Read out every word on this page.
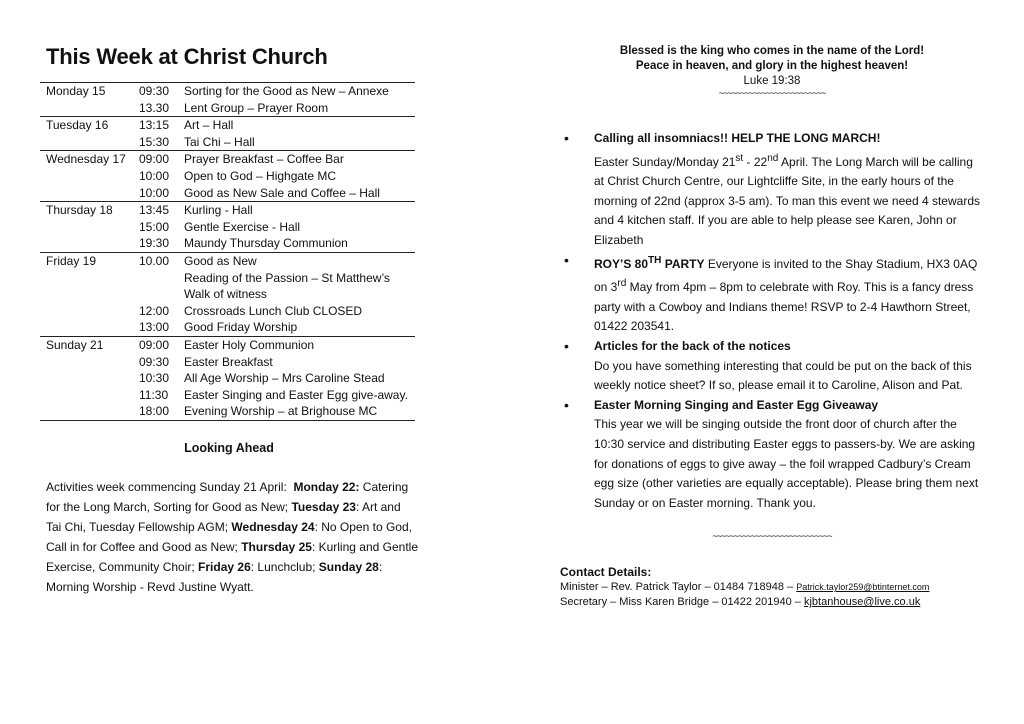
This Week at Christ Church
Monday 15	09:30	Sorting for the Good as New – Annexe
	13.30	Lent Group – Prayer Room
Tuesday 16	13:15	Art – Hall
	15:30	Tai Chi – Hall
Wednesday 17	09:00	Prayer Breakfast – Coffee Bar
	10:00	Open to God – Highgate MC
	10:00	Good as New Sale and Coffee – Hall
Thursday 18	13:45	Kurling - Hall
	15:00	Gentle Exercise - Hall
	19:30	Maundy Thursday Communion
Friday 19	10.00	Good as New
		Reading of the Passion – St Matthew’s
		Walk of witness
	12:00	Crossroads Lunch Club CLOSED
	13:00	Good Friday Worship
Sunday 21	09:00	Easter Holy Communion
	09:30	Easter Breakfast
	10:30	All Age Worship – Mrs Caroline Stead
	11:30	Easter Singing and Easter Egg give-away.
	18:00	Evening Worship – at Brighouse MC
Looking Ahead

Activities week commencing Sunday 21 April: Monday 22: Catering for the Long March, Sorting for Good as New; Tuesday 23: Art and Tai Chi, Tuesday Fellowship AGM; Wednesday 24: No Open to God, Call in for Coffee and Good as New; Thursday 25: Kurling and Gentle Exercise, Community Choir; Friday 26: Lunchclub; Sunday 28: Morning Worship - Revd Justine Wyatt.

Blessed is the king who comes in the name of the Lord!
Peace in heaven, and glory in the highest heaven!
Luke 19:38
~~~~~~~~~~~~~~~~~~~~~~~~~
• Calling all insomniacs!! HELP THE LONG MARCH!
Easter Sunday/Monday 21st - 22nd April. The Long March will be calling at Christ Church Centre, our Lightcliffe Site, in the early hours of the morning of 22nd (approx 3-5 am). To man this event we need 4 stewards and 4 kitchen staff. If you are able to help please see Karen, John or Elizabeth
• ROY’S 80TH PARTY Everyone is invited to the Shay Stadium, HX3 0AQ on 3rd May from 4pm – 8pm to celebrate with Roy. This is a fancy dress party with a Cowboy and Indians theme! RSVP to 2-4 Hawthorn Street, 01422 203541.
• Articles for the back of the notices
Do you have something interesting that could be put on the back of this weekly notice sheet? If so, please email it to Caroline, Alison and Pat.
• Easter Morning Singing and Easter Egg Giveaway
This year we will be singing outside the front door of church after the 10:30 service and distributing Easter eggs to passers-by. We are asking for donations of eggs to give away – the foil wrapped Cadbury’s Cream egg size (other varieties are equally acceptable). Please bring them next Sunday or on Easter morning. Thank you.
~~~~~~~~~~~~~~~~~~~~~~~~~~~~
Contact Details:
Minister – Rev. Patrick Taylor – 01484 718948 – Patrick.taylor259@btinternet.com
Secretary – Miss Karen Bridge – 01422 201940 – kjbtanhouse@live.co.uk
